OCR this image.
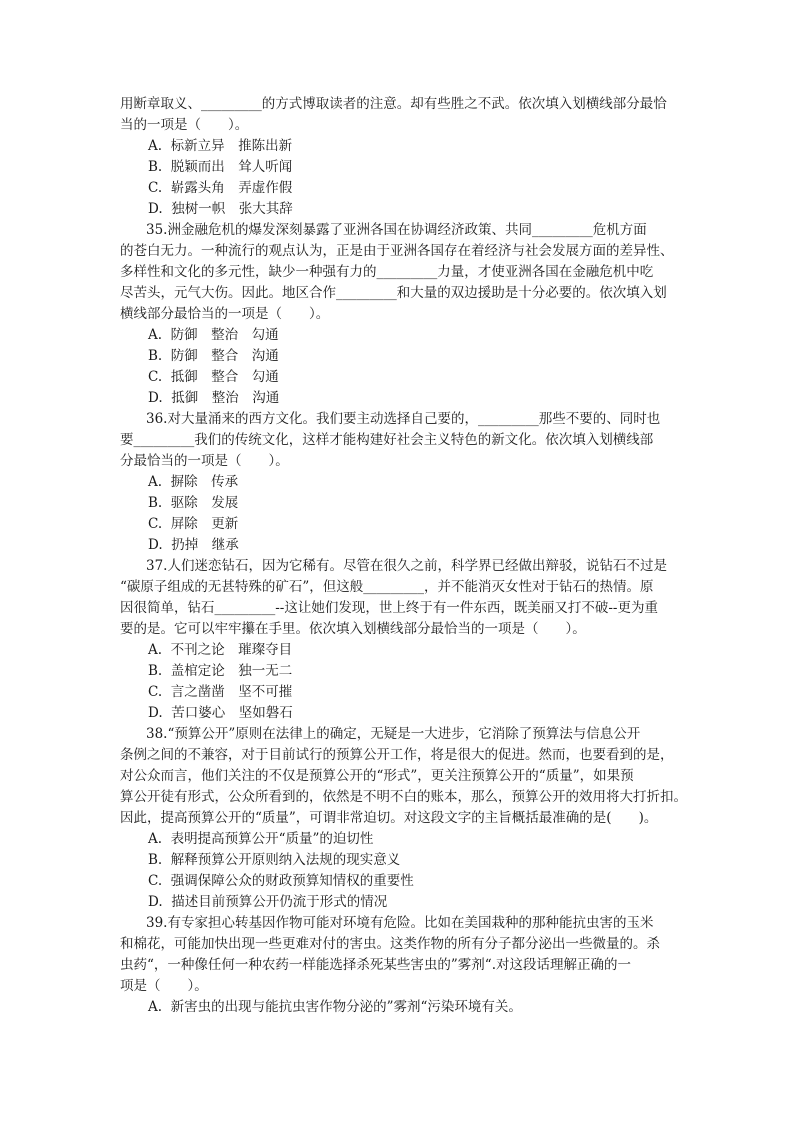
用断章取义、_________的方式博取读者的注意。却有些胜之不武。依次填入划横线部分最恰
当的一项是（　　）。
A.  标新立异　推陈出新
B.  脱颖而出　耸人听闻
C.  崭露头角　弄虚作假
D.  独树一帜　张大其辞
35.洲金融危机的爆发深刻暴露了亚洲各国在协调经济政策、共同_________危机方面
的苍白无力。一种流行的观点认为，正是由于亚洲各国存在着经济与社会发展方面的差异性、
多样性和文化的多元性，缺少一种强有力的_________力量，才使亚洲各国在金融危机中吃
尽苦头，元气大伤。因此。地区合作_________和大量的双边援助是十分必要的。依次填入划
横线部分最恰当的一项是（　　）。
A.  防御　整治　勾通
B.  防御　整合　沟通
C.  抵御　整合　勾通
D.  抵御　整治　沟通
36.对大量涌来的西方文化。我们要主动选择自己要的，_________那些不要的、同时也
要_________我们的传统文化，这样才能构建好社会主义特色的新文化。依次填入划横线部
分最恰当的一项是（　　）。
A.  摒除　传承
B.  驱除　发展
C.  屏除　更新
D.  扔掉　继承
37.人们迷恋钻石，因为它稀有。尽管在很久之前，科学界已经做出辩驳，说钻石不过是
“碳原子组成的无甚特殊的矿石”，但这般_________，并不能消灭女性对于钻石的热情。原
因很简单，钻石_________--这让她们发现，世上终于有一件东西，既美丽又打不破--更为重
要的是。它可以牢牢攥在手里。依次填入划横线部分最恰当的一项是（　　）。
A.  不刊之论　璀璨夺目
B.  盖棺定论　独一无二
C.  言之凿凿　坚不可摧
D.  苦口婆心　坚如磐石
38.“预算公开”原则在法律上的确定，无疑是一大进步，它消除了预算法与信息公开
条例之间的不兼容，对于目前试行的预算公开工作，将是很大的促进。然而，也要看到的是，
对公众而言，他们关注的不仅是预算公开的“形式”，更关注预算公开的“质量”，如果预
算公开徒有形式，公众所看到的，依然是不明不白的账本，那么，预算公开的效用将大打折扣。
因此，提高预算公开的“质量”，可谓非常迫切。对这段文字的主旨概括最准确的是(　　)。
A.  表明提高预算公开“质量”的迫切性
B.  解释预算公开原则纳入法规的现实意义
C.  强调保障公众的财政预算知情权的重要性
D.  描述目前预算公开仍流于形式的情况
39.有专家担心转基因作物可能对环境有危险。比如在美国栽种的那种能抗虫害的玉米
和棉花，可能加快出现一些更难对付的害虫。这类作物的所有分子都分泌出一些微量的。杀
虫药“，一种像任何一种农药一样能选择杀死某些害虫的”雾剂“.对这段话理解正确的一
项是（　　）。
A.  新害虫的出现与能抗虫害作物分泌的”雾剂“污染环境有关。
